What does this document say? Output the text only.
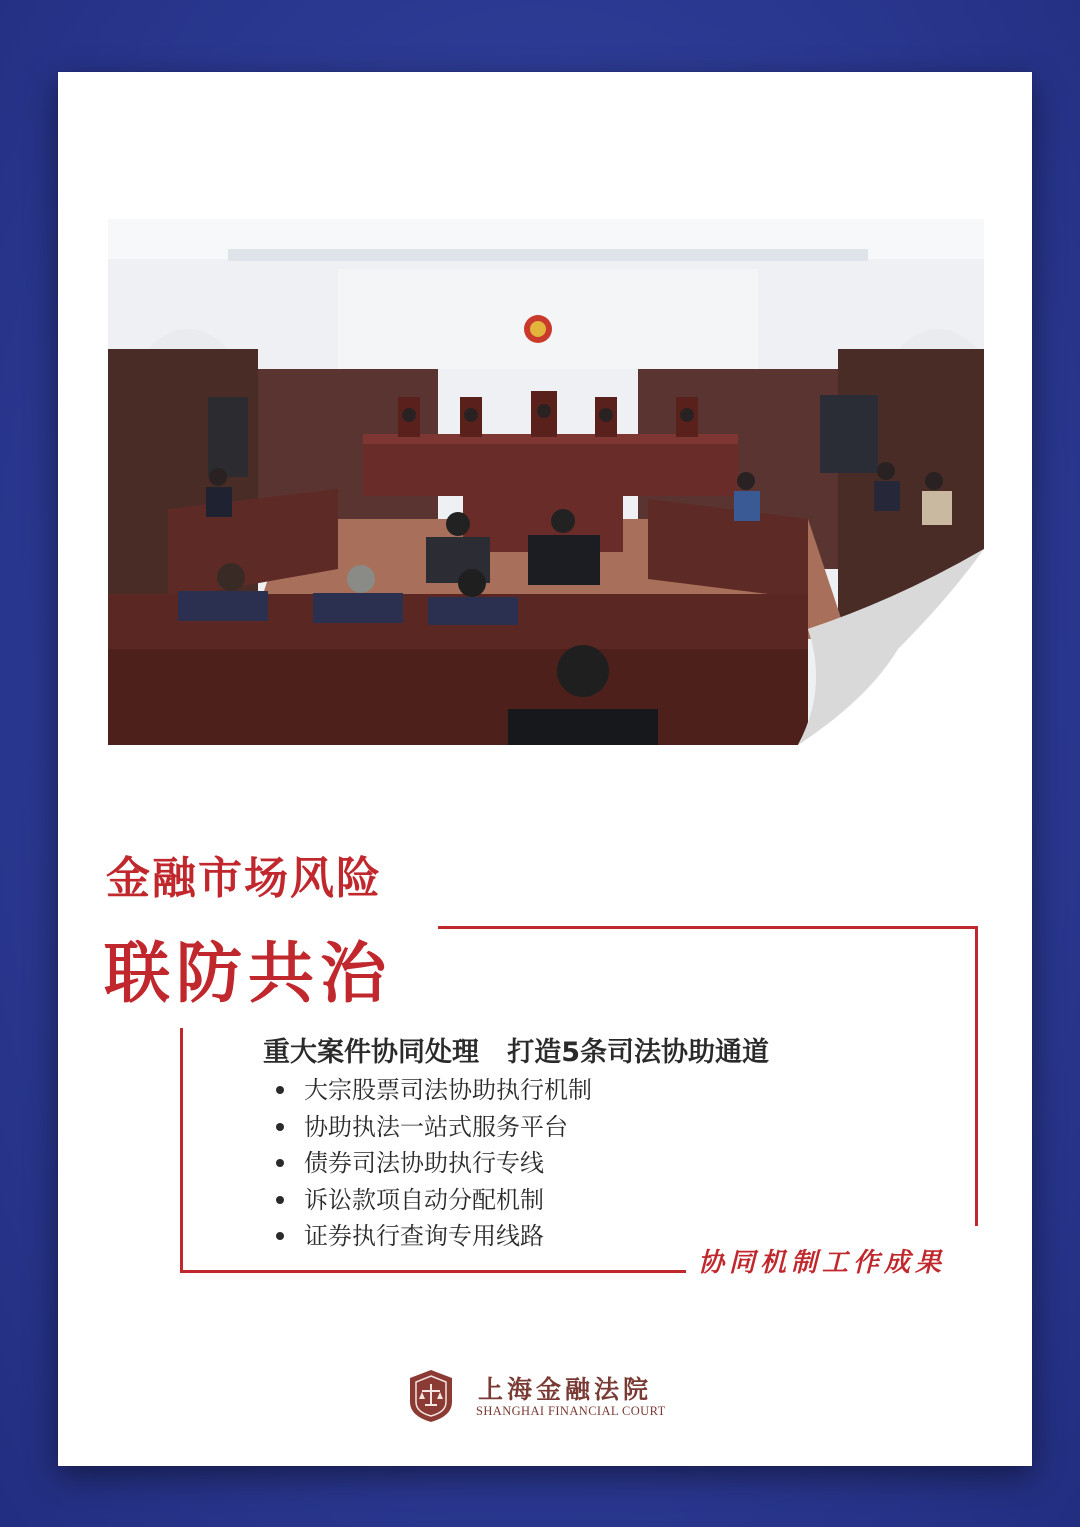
金融市场风险
联防共治
重大案件协同处理   打造5条司法协助通道
大宗股票司法协助执行机制
协助执法一站式服务平台
债券司法协助执行专线
诉讼款项自动分配机制
证券执行查询专用线路
协同机制工作成果
上海金融法院
SHANGHAI FINANCIAL COURT
